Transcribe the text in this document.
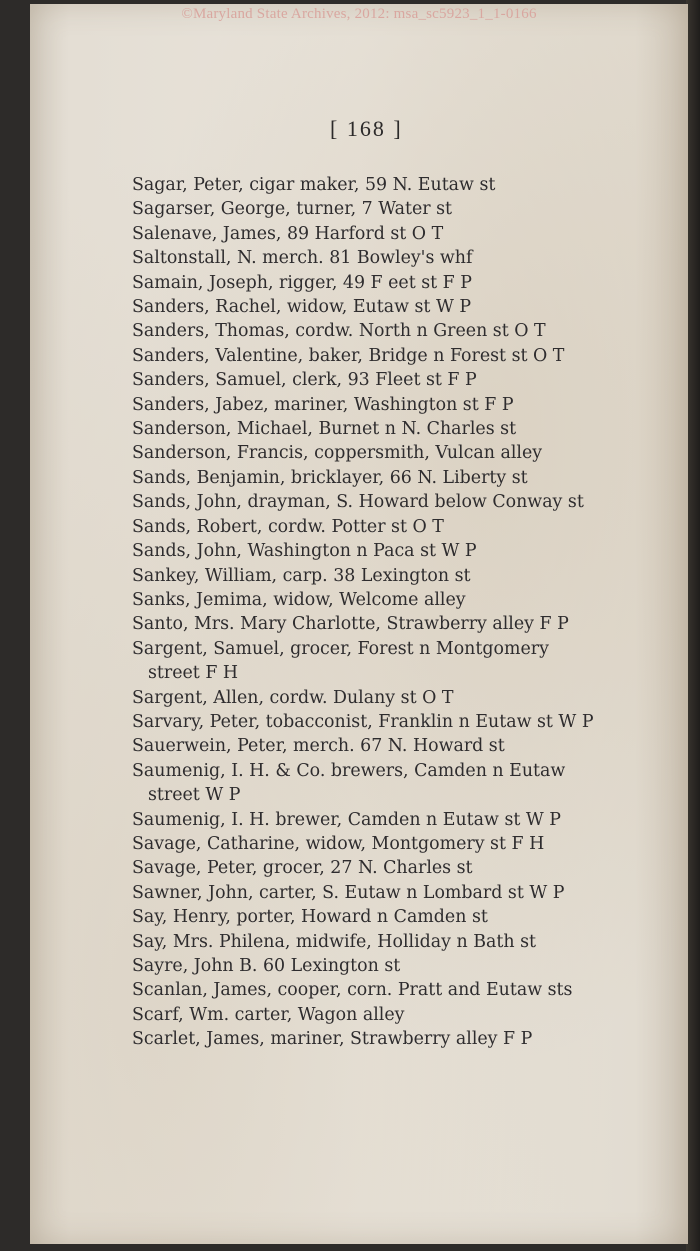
©Maryland State Archives, 2012: msa_sc5923_1_1-0166
[ 168 ]
Sagar, Peter, cigar maker, 59 N. Eutaw st
Sagarser, George, turner, 7 Water st
Salenave, James, 89 Harford st O T
Saltonstall, N. merch. 81 Bowley's whf
Samain, Joseph, rigger, 49 F eet st F P
Sanders, Rachel, widow, Eutaw st W P
Sanders, Thomas, cordw. North n Green st O T
Sanders, Valentine, baker, Bridge n Forest st O T
Sanders, Samuel, clerk, 93 Fleet st F P
Sanders, Jabez, mariner, Washington st F P
Sanderson, Michael, Burnet n N. Charles st
Sanderson, Francis, coppersmith, Vulcan alley
Sands, Benjamin, bricklayer, 66 N. Liberty st
Sands, John, drayman, S. Howard below Conway st
Sands, Robert, cordw. Potter st O T
Sands, John, Washington n Paca st W P
Sankey, William, carp. 38 Lexington st
Sanks, Jemima, widow, Welcome alley
Santo, Mrs. Mary Charlotte, Strawberry alley F P
Sargent, Samuel, grocer, Forest n Montgomery
street F H
Sargent, Allen, cordw. Dulany st O T
Sarvary, Peter, tobacconist, Franklin n Eutaw st W P
Sauerwein, Peter, merch. 67 N. Howard st
Saumenig, I. H. & Co. brewers, Camden n Eutaw
street W P
Saumenig, I. H. brewer, Camden n Eutaw st W P
Savage, Catharine, widow, Montgomery st F H
Savage, Peter, grocer, 27 N. Charles st
Sawner, John, carter, S. Eutaw n Lombard st W P
Say, Henry, porter, Howard n Camden st
Say, Mrs. Philena, midwife, Holliday n Bath st
Sayre, John B. 60 Lexington st
Scanlan, James, cooper, corn. Pratt and Eutaw sts
Scarf, Wm. carter, Wagon alley
Scarlet, James, mariner, Strawberry alley F P
